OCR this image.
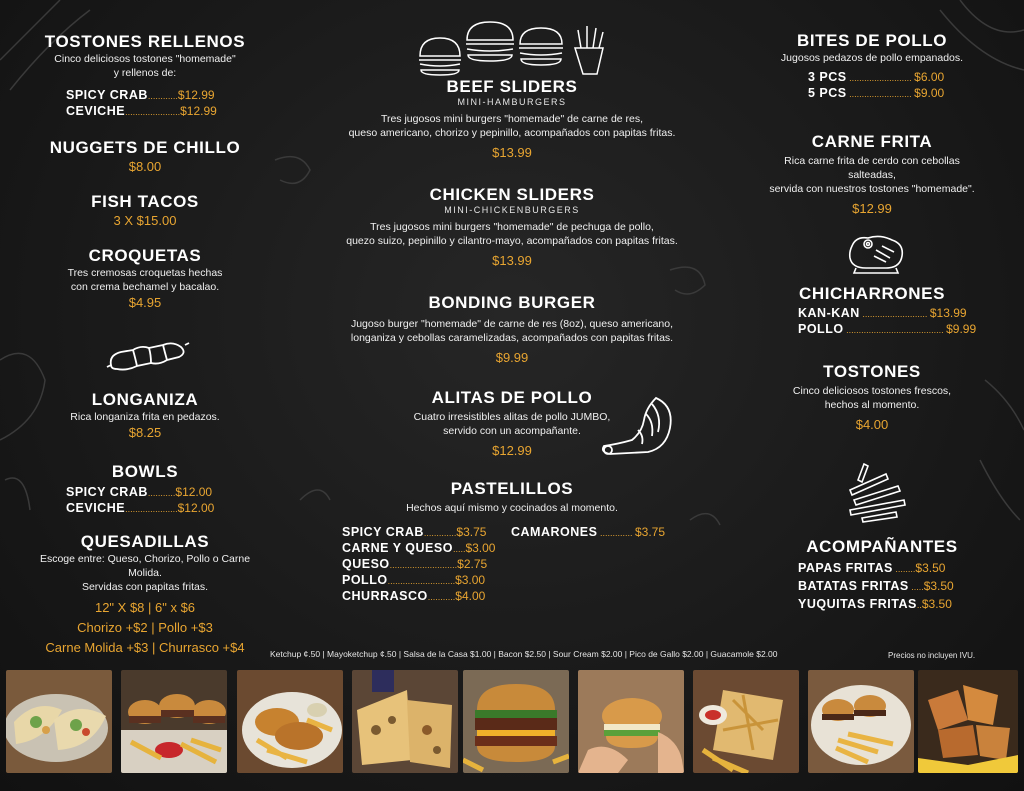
TOSTONES RELLENOS
Cinco deliciosos tostones "homemade"
y rellenos de:
SPICY CRAB ............ $12.99
CEVICHE ...................... $12.99
NUGGETS DE CHILLO
$8.00
FISH TACOS
3 X $15.00
CROQUETAS
Tres cremosas croquetas hechas
con crema bechamel y bacalao.
$4.95
LONGANIZA
Rica longaniza frita en pedazos.
$8.25
BOWLS
SPICY CRAB ........... $12.00
CEVICHE ..................... $12.00
QUESADILLAS
Escoge entre: Queso, Chorizo, Pollo o Carne Molida.
Servidas con papitas fritas.
12" X $8 | 6" x $6
Chorizo +$2 | Pollo +$3
Carne Molida +$3 | Churrasco +$4
BEEF SLIDERS
MINI-HAMBURGERS
Tres jugosos mini burgers "homemade" de carne de res,
queso americano, chorizo y pepinillo, acompañados con papitas fritas.
$13.99
CHICKEN SLIDERS
MINI-CHICKENBURGERS
Tres jugosos mini burgers "homemade" de pechuga de pollo,
quezo suizo, pepinillo y cilantro-mayo, acompañados con papitas fritas.
$13.99
BONDING BURGER
Jugoso burger "homemade" de carne de res (8oz), queso americano,
longaniza y cebollas caramelizadas, acompañados con papitas fritas.
$9.99
ALITAS DE POLLO
Cuatro irresistibles alitas de pollo JUMBO,
servido con un acompañante.
$12.99
PASTELILLOS
Hechos aquí mismo y cocinados al momento.
SPICY CRAB ............. $3.75
CARNE Y QUESO ..... $3.00
QUESO ........................... $2.75
POLLO ........................... $3.00
CHURRASCO ........... $4.00
CAMARONES ............. $3.75
BITES DE POLLO
Jugosos pedazos de pollo empanados.
3 PCS ......................... $6.00
5 PCS ......................... $9.00
CARNE FRITA
Rica carne frita de cerdo con cebollas salteadas,
servida con nuestros tostones "homemade".
$12.99
CHICHARRONES
KAN-KAN .......................... $13.99
POLLO ....................................... $9.99
TOSTONES
Cinco deliciosos tostones frescos,
hechos al momento.
$4.00
ACOMPAÑANTES
PAPAS FRITAS ........ $3.50
BATATAS FRITAS ..... $3.50
YUQUITAS FRITAS .. $3.50
Ketchup ¢.50 | Mayoketchup ¢.50 | Salsa de la Casa $1.00 | Bacon $2.50 | Sour Cream $2.00 | Pico de Gallo $2.00 | Guacamole $2.00	Precios no incluyen IVU.
